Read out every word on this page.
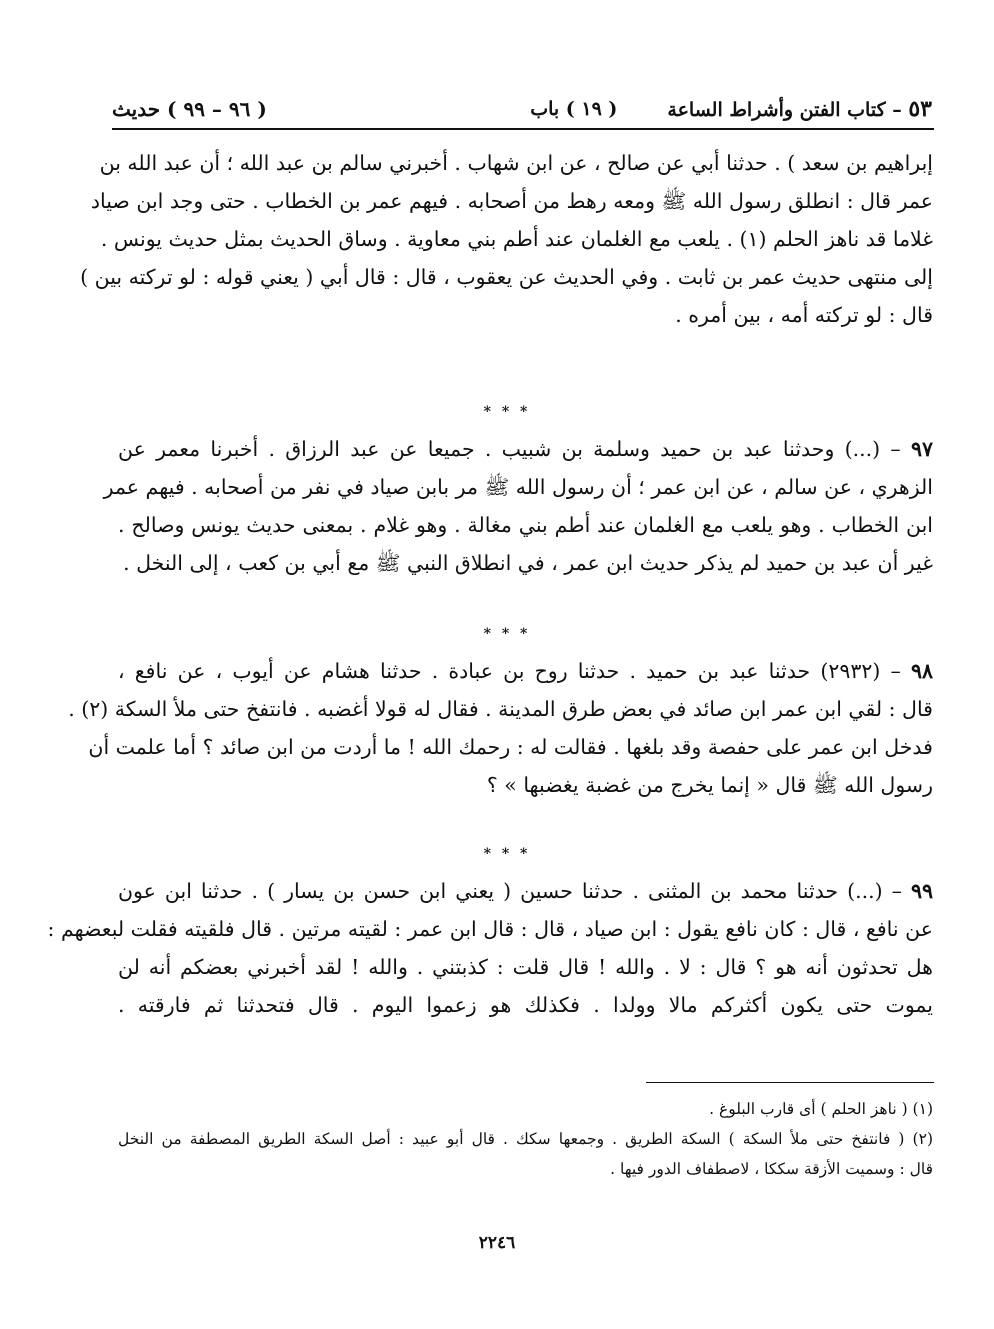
٥٣ – كتاب الفتن وأشراط الساعة
( ١٩ ) باب
( ٩٦ – ٩٩ ) حديث
إبراهيم بن سعد ) . حدثنا أبي عن صالح ، عن ابن شهاب . أخبرني سالم بن عبد الله ؛ أن عبد الله بن
عمر قال : انطلق رسول الله ﷺ ومعه رهط من أصحابه . فيهم عمر بن الخطاب . حتى وجد ابن صياد
غلاما قد ناهز الحلم (١) . يلعب مع الغلمان عند أطم بني معاوية . وساق الحديث بمثل حديث يونس .
إلى منتهى حديث عمر بن ثابت . وفي الحديث عن يعقوب ، قال : قال أبي ( يعني قوله : لو تركته بين )
قال : لو تركته أمه ، بين أمره .
* * *
٩٧ – (...) وحدثنا عبد بن حميد وسلمة بن شبيب . جميعا عن عبد الرزاق . أخبرنا معمر عن
الزهري ، عن سالم ، عن ابن عمر ؛ أن رسول الله ﷺ مر بابن صياد في نفر من أصحابه . فيهم عمر
ابن الخطاب . وهو يلعب مع الغلمان عند أطم بني مغالة . وهو غلام . بمعنى حديث يونس وصالح .
غير أن عبد بن حميد لم يذكر حديث ابن عمر ، في انطلاق النبي ﷺ مع أبي بن كعب ، إلى النخل .
* * *
٩٨ – (٢٩٣٢) حدثنا عبد بن حميد . حدثنا روح بن عبادة . حدثنا هشام عن أيوب ، عن نافع ،
قال : لقي ابن عمر ابن صائد في بعض طرق المدينة . فقال له قولا أغضبه . فانتفخ حتى ملأ السكة (٢) .
فدخل ابن عمر على حفصة وقد بلغها . فقالت له : رحمك الله ! ما أردت من ابن صائد ؟ أما علمت أن
رسول الله ﷺ قال « إنما يخرج من غضبة يغضبها » ؟
* * *
٩٩ – (...) حدثنا محمد بن المثنى . حدثنا حسين ( يعني ابن حسن بن يسار ) . حدثنا ابن عون
عن نافع ، قال : كان نافع يقول : ابن صياد ، قال : قال ابن عمر : لقيته مرتين . قال فلقيته فقلت لبعضهم :
هل تحدثون أنه هو ؟ قال : لا . والله ! قال قلت : كذبتني . والله ! لقد أخبرني بعضكم أنه لن
يموت حتى يكون أكثركم مالا وولدا . فكذلك هو زعموا اليوم . قال فتحدثنا ثم فارقته .
(١) ( ناهز الحلم ) أى قارب البلوغ .
(٢) ( فانتفخ حتى ملأ السكة ) السكة الطريق . وجمعها سكك . قال أبو عبيد : أصل السكة الطريق المصطفة من النخل
قال : وسميت الأزقة سككا ، لاصطفاف الدور فيها .
٢٢٤٦
